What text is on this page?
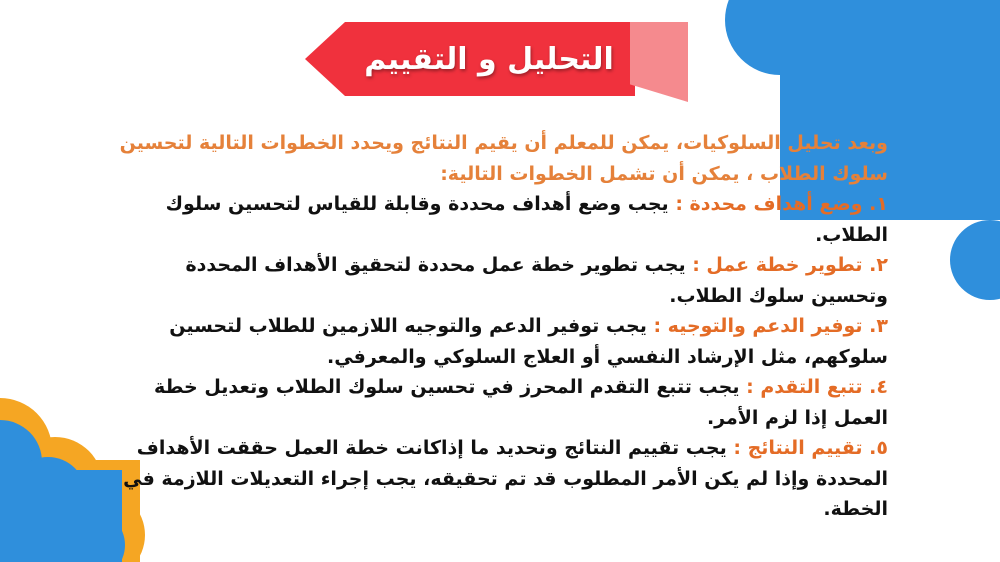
التحليل و التقييم

وبعد تحليل السلوكيات، يمكن للمعلم أن يقيم النتائج ويحدد الخطوات التالية لتحسين سلوك الطلاب ، يمكن أن تشمل الخطوات التالية:

١. وضع أهداف محددة : يجب وضع أهداف محددة وقابلة للقياس لتحسين سلوك الطلاب.

٢. تطوير خطة عمل : يجب تطوير خطة عمل محددة لتحقيق الأهداف المحددة وتحسين سلوك الطلاب.

٣. توفير الدعم والتوجيه : يجب توفير الدعم والتوجيه اللازمين للطلاب لتحسين سلوكهم، مثل الإرشاد النفسي أو العلاج السلوكي والمعرفي.

٤. تتبع التقدم : يجب تتبع التقدم المحرز في تحسين سلوك الطلاب وتعديل خطة العمل إذا لزم الأمر.

٥. تقييم النتائج : يجب تقييم النتائج وتحديد ما إذاكانت خطة العمل حققت الأهداف المحددة وإذا لم يكن الأمر المطلوب قد تم تحقيقه، يجب إجراء التعديلات اللازمة في الخطة.
